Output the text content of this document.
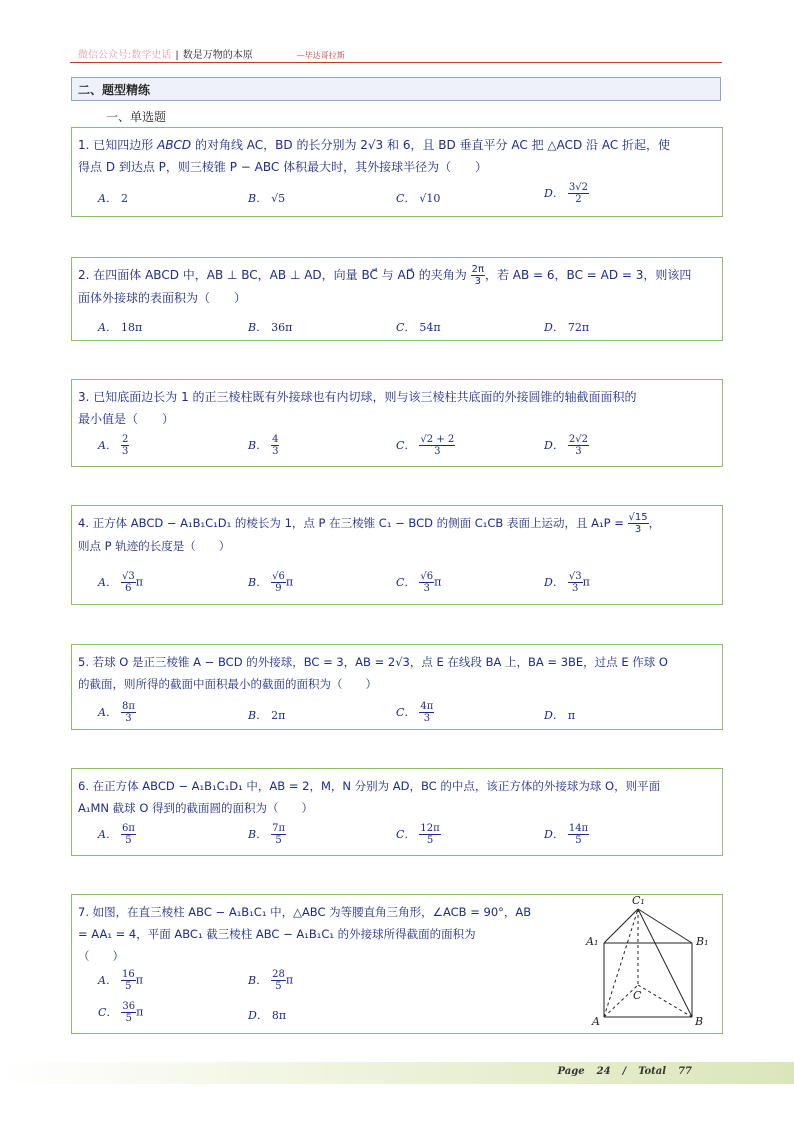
微信公众号:数学史话 | 数是万物的本原	—毕达哥拉斯
二、题型精练
一、单选题
1. 已知四边形 ABCD 的对角线 AC，BD 的长分别为 2√3 和 6，且 BD 垂直平分 AC 把 △ACD 沿 AC 折起，使
得点 D 到达点 P，则三棱锥 P − ABC 体积最大时，其外接球半径为（　　）
A． 2	B． √5	C． √10	D． $\frac{3√2}{2}$
2. 在四面体 ABCD 中，AB ⊥ BC，AB ⊥ AD，向量 BC⃗ 与 AD⃗ 的夹角为 $\frac{2\pi}{3}$ ，若 AB = 6，BC = AD = 3，则该四
面体外接球的表面积为（　　）
A． 18π	B． 36π	C． 54π	D． 72π
3. 已知底面边长为 1 的正三棱柱既有外接球也有内切球，则与该三棱柱共底面的外接圆锥的轴截面面积的
最小值是（　　）
A． $\frac{2}{3}$	B． $\frac{4}{3}$	C． $\frac{√2 + 2}{3}$	D． $\frac{2√2}{3}$
4. 正方体 ABCD − A₁B₁C₁D₁ 的棱长为 1，点 P 在三棱锥 C₁ − BCD 的侧面 C₁CB 表面上运动，且 $A_1P = \frac{√15}{3}$ ，
则点 P 轨迹的长度是（　　）
A． $\frac{√3}{6}$ π	B． $\frac{√6}{9}$ π	C． $\frac{√6}{3}$ π	D． $\frac{√3}{3}$ π
5. 若球 O 是正三棱锥 A − BCD 的外接球，BC = 3，AB = 2√3，点 E 在线段 BA 上，BA = 3BE，过点 E 作球 O
的截面，则所得的截面中面积最小的截面的面积为（　　）
A． $\frac{8\pi}{3}$	B． 2π	C． $\frac{4\pi}{3}$	D． π
6. 在正方体 ABCD − A₁B₁C₁D₁ 中，AB = 2，M，N 分别为 AD，BC 的中点，该正方体的外接球为球 O，则平面
A₁MN 截球 O 得到的截面圆的面积为（　　）
A． $\frac{6\pi}{5}$	B． $\frac{7\pi}{5}$	C． $\frac{12\pi}{5}$	D． $\frac{14\pi}{5}$
7. 如图，在直三棱柱 ABC − A₁B₁C₁ 中，△ABC 为等腰直角三角形，∠ACB = 90°，AB
= AA₁ = 4，平面 ABC₁ 截三棱柱 ABC − A₁B₁C₁ 的外接球所得截面的面积为
（　　）
A． $\frac{16}{5}$ π	B． $\frac{28}{5}$ π
C． $\frac{36}{5}$ π	D． 8π
C₁
A₁	B₁
C
A	B
Page 24 / Total 77
